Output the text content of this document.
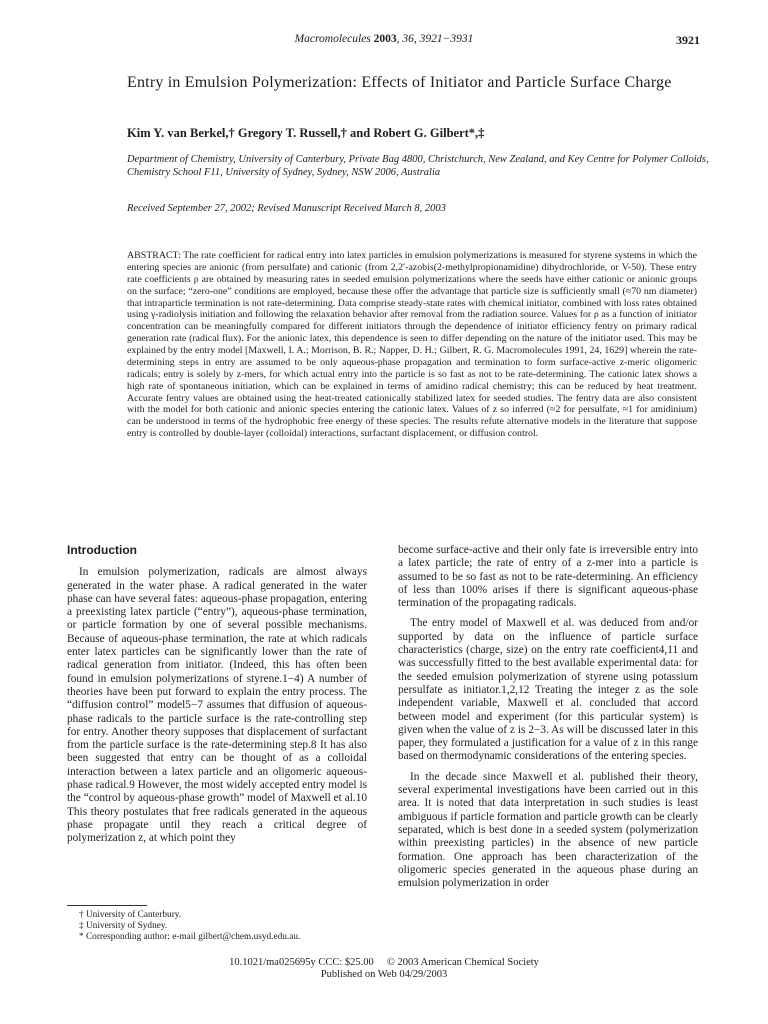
Macromolecules 2003, 36, 3921−3931	3921
Entry in Emulsion Polymerization: Effects of Initiator and Particle Surface Charge
Kim Y. van Berkel,† Gregory T. Russell,† and Robert G. Gilbert*,‡
Department of Chemistry, University of Canterbury, Private Bag 4800, Christchurch, New Zealand, and Key Centre for Polymer Colloids, Chemistry School F11, University of Sydney, Sydney, NSW 2006, Australia
Received September 27, 2002; Revised Manuscript Received March 8, 2003
ABSTRACT: The rate coefficient for radical entry into latex particles in emulsion polymerizations is measured for styrene systems in which the entering species are anionic (from persulfate) and cationic (from 2,2′-azobis(2-methylpropionamidine) dihydrochloride, or V-50). These entry rate coefficients ρ are obtained by measuring rates in seeded emulsion polymerizations where the seeds have either cationic or anionic groups on the surface; “zero-one” conditions are employed, because these offer the advantage that particle size is sufficiently small (≈70 nm diameter) that intraparticle termination is not rate-determining. Data comprise steady-state rates with chemical initiator, combined with loss rates obtained using γ-radiolysis initiation and following the relaxation behavior after removal from the radiation source. Values for ρ as a function of initiator concentration can be meaningfully compared for different initiators through the dependence of initiator efficiency fentry on primary radical generation rate (radical flux). For the anionic latex, this dependence is seen to differ depending on the nature of the initiator used. This may be explained by the entry model [Maxwell, I. A.; Morrison, B. R.; Napper, D. H.; Gilbert, R. G. Macromolecules 1991, 24, 1629] wherein the rate-determining steps in entry are assumed to be only aqueous-phase propagation and termination to form surface-active z-meric oligomeric radicals; entry is solely by z-mers, for which actual entry into the particle is so fast as not to be rate-determining. The cationic latex shows a high rate of spontaneous initiation, which can be explained in terms of amidino radical chemistry; this can be reduced by heat treatment. Accurate fentry values are obtained using the heat-treated cationically stabilized latex for seeded studies. The fentry data are also consistent with the model for both cationic and anionic species entering the cationic latex. Values of z so inferred (≈2 for persulfate, ≈1 for amidinium) can be understood in terms of the hydrophobic free energy of these species. The results refute alternative models in the literature that suppose entry is controlled by double-layer (colloidal) interactions, surfactant displacement, or diffusion control.

Introduction

In emulsion polymerization, radicals are almost always generated in the water phase. A radical generated in the water phase can have several fates: aqueous-phase propagation, entering a preexisting latex particle (“entry”), aqueous-phase termination, or particle formation by one of several possible mechanisms. Because of aqueous-phase termination, the rate at which radicals enter latex particles can be significantly lower than the rate of radical generation from initiator. (Indeed, this has often been found in emulsion polymerizations of styrene.1−4) A number of theories have been put forward to explain the entry process. The “diffusion control” model5−7 assumes that diffusion of aqueous-phase radicals to the particle surface is the rate-controlling step for entry. Another theory supposes that displacement of surfactant from the particle surface is the rate-determining step.8 It has also been suggested that entry can be thought of as a colloidal interaction between a latex particle and an oligomeric aqueous-phase radical.9 However, the most widely accepted entry model is the “control by aqueous-phase growth” model of Maxwell et al.10 This theory postulates that free radicals generated in the aqueous phase propagate until they reach a critical degree of polymerization z, at which point they

become surface-active and their only fate is irreversible entry into a latex particle; the rate of entry of a z-mer into a particle is assumed to be so fast as not to be rate-determining. An efficiency of less than 100% arises if there is significant aqueous-phase termination of the propagating radicals.

The entry model of Maxwell et al. was deduced from and/or supported by data on the influence of particle surface characteristics (charge, size) on the entry rate coefficient4,11 and was successfully fitted to the best available experimental data: for the seeded emulsion polymerization of styrene using potassium persulfate as initiator.1,2,12 Treating the integer z as the sole independent variable, Maxwell et al. concluded that accord between model and experiment (for this particular system) is given when the value of z is 2−3. As will be discussed later in this paper, they formulated a justification for a value of z in this range based on thermodynamic considerations of the entering species.

In the decade since Maxwell et al. published their theory, several experimental investigations have been carried out in this area. It is noted that data interpretation in such studies is least ambiguous if particle formation and particle growth can be clearly separated, which is best done in a seeded system (polymerization within preexisting particles) in the absence of new particle formation. One approach has been characterization of the oligomeric species generated in the aqueous phase during an emulsion polymerization in order

† University of Canterbury.
‡ University of Sydney.
* Corresponding author: e-mail gilbert@chem.usyd.edu.au.
10.1021/ma025695y CCC: $25.00     © 2003 American Chemical Society
Published on Web 04/29/2003
